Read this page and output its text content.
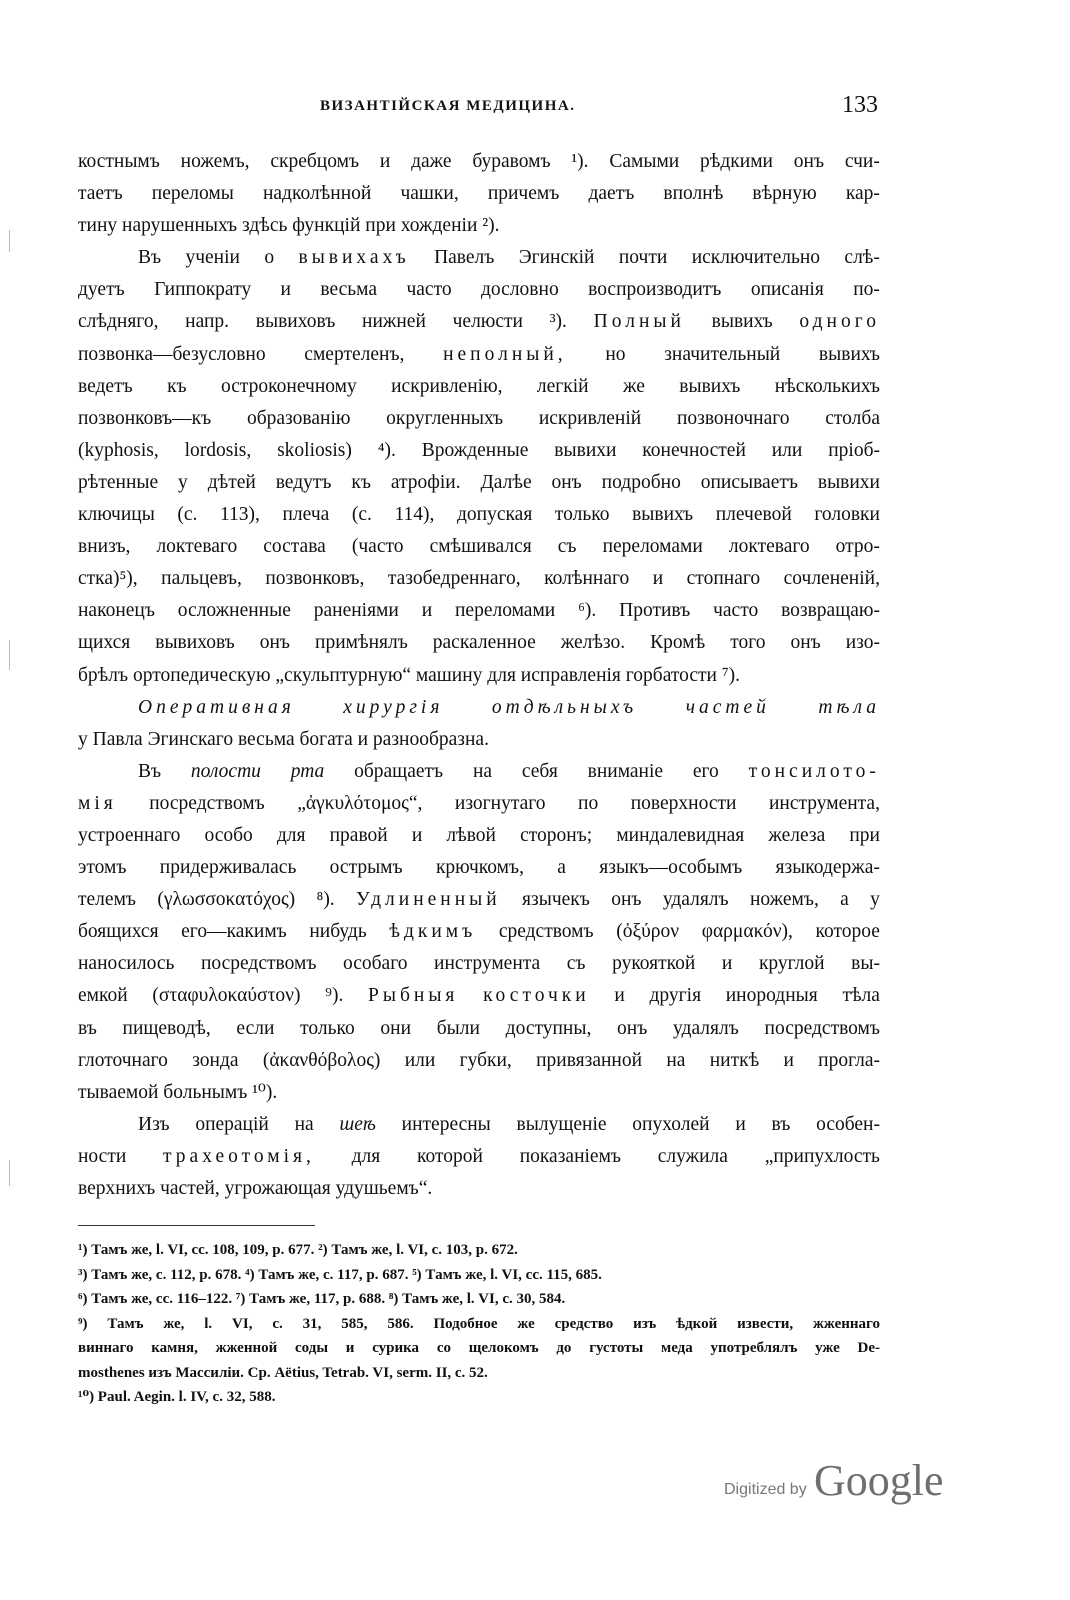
ВИЗАНТІЙСКАЯ МЕДИЦИНА.	133
костнымъ ножемъ, скребцомъ и даже буравомъ ¹). Самыми рѣдкими онъ счи-
таетъ переломы надколѣнной чашки, причемъ даетъ вполнѣ вѣрную кар-
тину
нарушенныхъ
здѣсь
функцій
при
хожденіи
²).
Въ ученіи о вывихахъ Павелъ Эгинскій почти исключительно слѣ-
дуетъ Гиппократу и весьма часто дословно воспроизводитъ описанія по-
слѣдняго, напр. вывиховъ нижней челюсти ³). Полный вывихъ одного
позвонка—безусловно смертеленъ, неполный, но значительный вывихъ
ведетъ къ остроконечному искривленію, легкій же вывихъ нѣсколькихъ
позвонковъ—къ образованію округленныхъ искривленій позвоночнаго столба
(kyphosis, lordosis, skoliosis) ⁴). Врожденные вывихи конечностей или пріоб-
рѣтенные у дѣтей ведутъ къ атрофіи. Далѣе онъ подробно описываетъ вывихи
ключицы (с. 113), плеча (с. 114), допуская только вывихъ плечевой головки
внизъ, локтеваго состава (часто смѣшивался съ переломами локтеваго отро-
стка)⁵), пальцевъ, позвонковъ, тазобедреннаго, колѣннаго и стопнаго сочлененій,
наконецъ осложненные раненіями и переломами ⁶). Противъ часто возвращаю-
щихся вывиховъ онъ примѣнялъ раскаленное желѣзо. Кромѣ того онъ изо-
брѣлъ
ортопедическую
„скульптурную“
машину
для
исправленія
горбатости
⁷).
Оперативная хирургія отдѣльныхъ частей тѣла
у
Павла
Эгинскаго
весьма
богата
и
разнообразна.
Въ полости рта обращаетъ на себя вниманіе его тонсилото-
мія посредствомъ „ἀγκυλότομος“, изогнутаго по поверхности инструмента,
устроеннаго особо для правой и лѣвой сторонъ; миндалевидная железа при
этомъ придерживалась острымъ крючкомъ, а языкъ—особымъ языкодержа-
телемъ (γλωσσοκατόχος) ⁸). Удлиненный язычекъ онъ удалялъ ножемъ, а у
боящихся его—какимъ нибудь ѣдкимъ средствомъ (ὀξύρον φαρμακόν), которое
наносилось посредствомъ особаго инструмента съ рукояткой и круглой вы-
емкой (σταφυλοκαύστον) ⁹). Рыбныя косточки и другія инородныя тѣла
въ пищеводѣ, если только они были доступны, онъ удалялъ посредствомъ
глоточнаго зонда (ἀκανθόβολος) или губки, привязанной на ниткѣ и прогла-
тываемой
больнымъ
¹⁰).
Изъ операцій на шеѣ интересны вылущеніе опухолей и въ особен-
ности трахеотомія, для которой показаніемъ служила „припухлость
верхнихъ
частей,
угрожающая
удушьемъ“.
¹) Тамъ же, l. VI, сс. 108, 109, p. 677. ²) Тамъ же, l. VI, с. 103, p. 672.
³) Тамъ же, с. 112, p. 678. ⁴) Тамъ же, с. 117, p. 687. ⁵) Тамъ же, l. VI, сс. 115, 685.
⁶) Тамъ же, сс. 116–122. ⁷) Тамъ же, 117, p. 688. ⁸) Тамъ же, l. VI, с. 30, 584.
⁹) Тамъ же, l. VI, с. 31, 585, 586. Подобное же средство изъ ѣдкой извести, жженнаго
виннаго камня, жженной соды и сурика со щелокомъ до густоты меда употреблялъ уже De-
mosthenes изъ Массиліи. Ср. Aëtius, Tetrab. VI, serm. II, с. 52.
¹⁰) Paul. Aegin. l. IV, с. 32, 588.
Digitized by Google
